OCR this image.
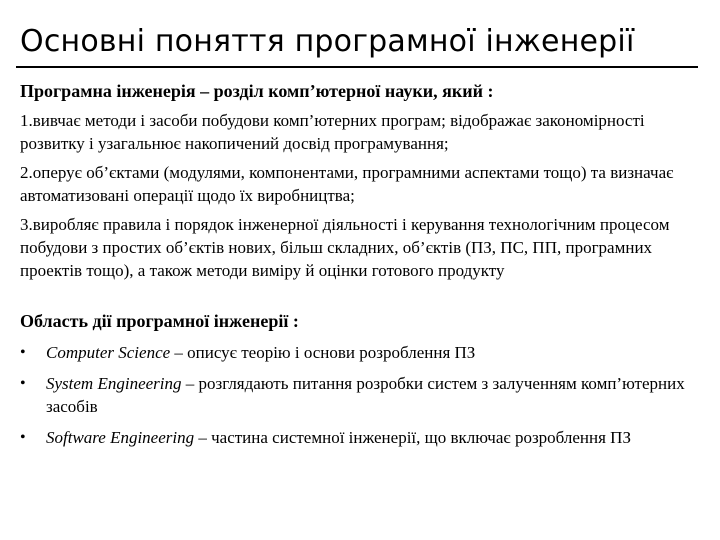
Основні поняття програмної інженерії
Програмна інженерія – розділ комп’ютерної науки, який :
1.вивчає методи і засоби побудови комп’ютерних програм; відображає закономірності розвитку і узагальнює накопичений досвід програмування;
2.оперує об’єктами (модулями, компонентами, програмними аспектами тощо) та визначає автоматизовані операції щодо їх виробництва;
3.виробляє правила і порядок інженерної діяльності і керування технологічним процесом побудови з простих об’єктів нових, більш складних, об’єктів (ПЗ, ПС, ПП, програмних проектів тощо), а також методи виміру й оцінки готового продукту
Область дії програмної інженерії :
• Computer Science – описує теорію і основи розроблення ПЗ
• System Engineering – розглядають питання розробки систем з залученням комп’ютерних засобів
• Software Engineering – частина системної інженерії, що включає розроблення ПЗ
